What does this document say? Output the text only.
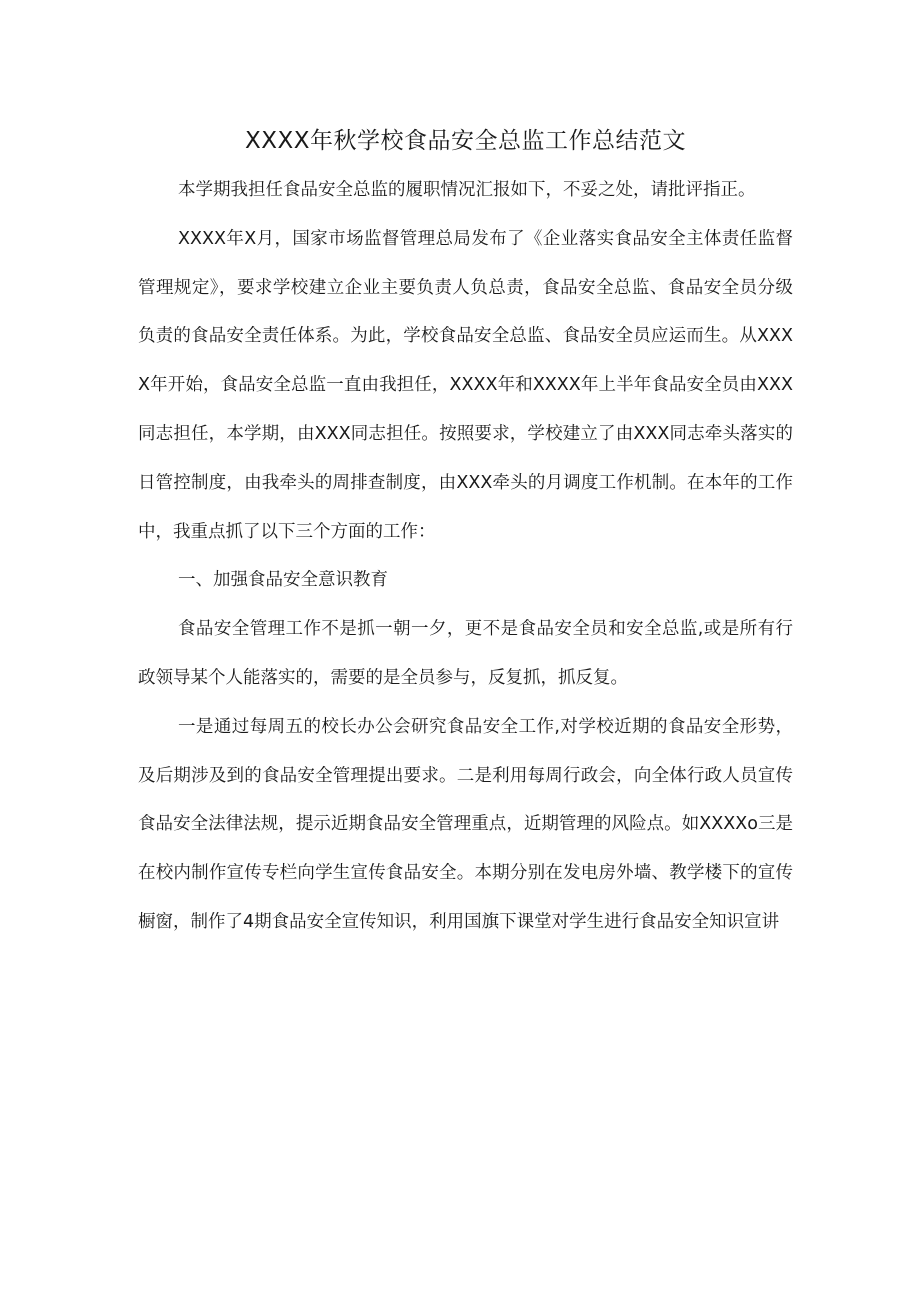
XXXX年秋学校食品安全总监工作总结范文

本学期我担任食品安全总监的履职情况汇报如下，不妥之处，请批评指正。

XXXX年X月，国家市场监督管理总局发布了《企业落实食品安全主体责任监督管理规定》，要求学校建立企业主要负责人负总责，食品安全总监、食品安全员分级负责的食品安全责任体系。为此，学校食品安全总监、食品安全员应运而生。从XXXX年开始，食品安全总监一直由我担任，XXXX年和XXXX年上半年食品安全员由XXX同志担任，本学期，由XXX同志担任。按照要求，学校建立了由XXX同志牵头落实的日管控制度，由我牵头的周排查制度，由XXX牵头的月调度工作机制。在本年的工作中，我重点抓了以下三个方面的工作：

一、加强食品安全意识教育

食品安全管理工作不是抓一朝一夕，更不是食品安全员和安全总监,或是所有行政领导某个人能落实的，需要的是全员参与，反复抓，抓反复。

一是通过每周五的校长办公会研究食品安全工作,对学校近期的食品安全形势，及后期涉及到的食品安全管理提出要求。二是利用每周行政会，向全体行政人员宣传食品安全法律法规，提示近期食品安全管理重点，近期管理的风险点。如XXXXo三是在校内制作宣传专栏向学生宣传食品安全。本期分别在发电房外墙、教学楼下的宣传橱窗，制作了4期食品安全宣传知识，利用国旗下课堂对学生进行食品安全知识宣讲
